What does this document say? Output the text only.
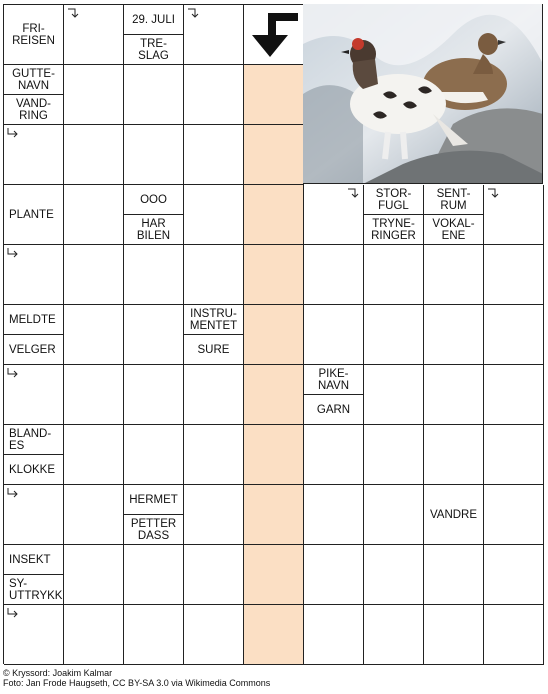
FRI-
REISEN
29. JULI
TRE-
SLAG
GUTTE-
NAVN
VAND-
RING
PLANTE
OOO
HAR
BILEN
STOR-
FUGL
TRYNE-
RINGER
SENT-
RUM
VOKAL-
ENE
MELDTE
VELGER
INSTRU-
MENTET
SURE
PIKE-
NAVN
GARN
BLAND-
ES
KLOKKE
HERMET
PETTER
DASS
VANDRE
INSEKT
SY-
UTTRYKK
© Kryssord: Joakim Kalmar
Foto: Jan Frode Haugseth, CC BY-SA 3.0 via Wikimedia Commons
